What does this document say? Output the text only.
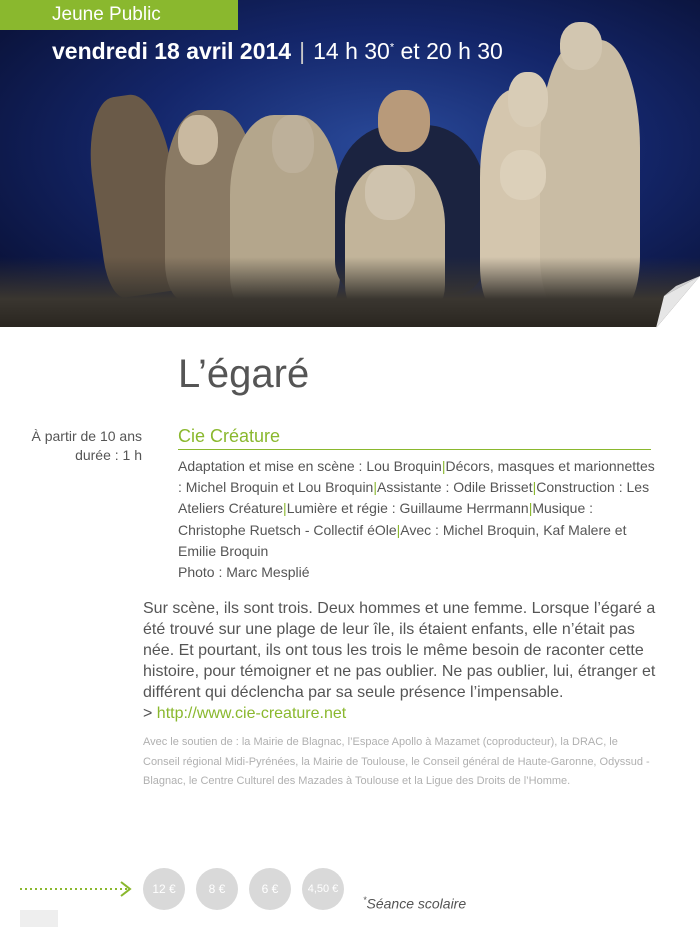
Jeune Public
vendredi 18 avril 2014 | 14 h 30* et 20 h 30
L’égaré
À partir de 10 ans
durée : 1 h
Cie Créature
Adaptation et mise en scène : Lou Broquin|Décors, masques et marionnettes : Michel Broquin et Lou Broquin|Assistante : Odile Brisset|Construction : Les Ateliers Créature|Lumière et régie : Guillaume Herrmann|Musique : Christophe Ruetsch - Collectif éOle|Avec : Michel Broquin, Kaf Malere et Emilie Broquin
Photo : Marc Mesplié
Sur scène, ils sont trois. Deux hommes et une femme. Lorsque l’égaré a été trouvé sur une plage de leur île, ils étaient enfants, elle n’était pas née. Et pourtant, ils ont tous les trois le même besoin de raconter cette histoire, pour témoigner et ne pas oublier. Ne pas oublier, lui, étranger et différent qui déclencha par sa seule présence l’impensable.
> http://www.cie-creature.net
Avec le soutien de : la Mairie de Blagnac, l’Espace Apollo à Mazamet (coproducteur), la DRAC, le Conseil régional Midi-Pyrénées, la Mairie de Toulouse, le Conseil général de Haute-Garonne, Odyssud - Blagnac, le Centre Culturel des Mazades à Toulouse et la Ligue des Droits de l’Homme.
12 €	8 €	6 €	4,50 €
*Séance scolaire
